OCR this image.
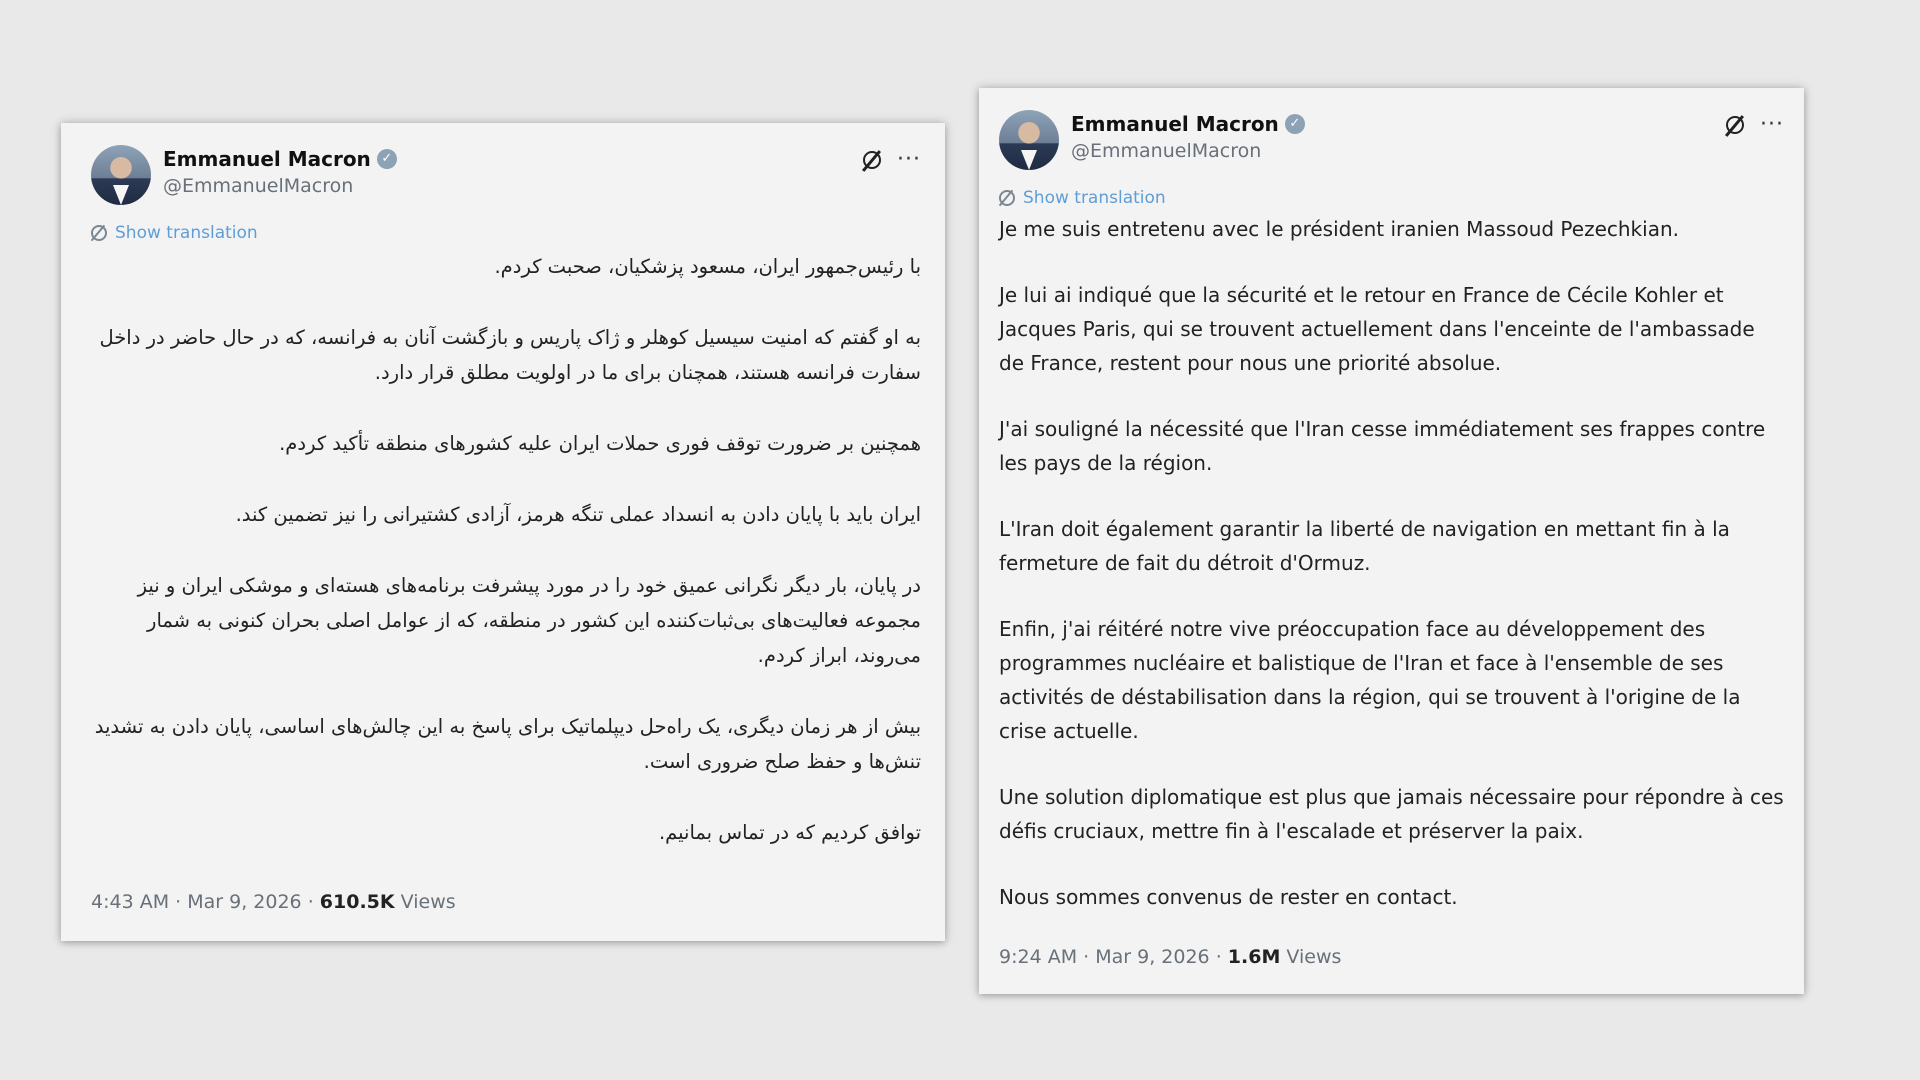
Emmanuel Macron ✓
@EmmanuelMacron
···
Show translation

با رئیس‌جمهور ایران، مسعود پزشکیان، صحبت کردم.

به او گفتم که امنیت سیسیل کوهلر و ژاک پاریس و بازگشت آنان به فرانسه، که در حال حاضر در داخل سفارت فرانسه هستند، همچنان برای ما در اولویت مطلق قرار دارد.

همچنین بر ضرورت توقف فوری حملات ایران علیه کشورهای منطقه تأکید کردم.

ایران باید با پایان دادن به انسداد عملی تنگه هرمز، آزادی کشتیرانی را نیز تضمین کند.

در پایان، بار دیگر نگرانی عمیق خود را در مورد پیشرفت برنامه‌های هسته‌ای و موشکی ایران و نیز مجموعه فعالیت‌های بی‌ثبات‌کننده این کشور در منطقه، که از عوامل اصلی بحران کنونی به شمار می‌روند، ابراز کردم.

بیش از هر زمان دیگری، یک راه‌حل دیپلماتیک برای پاسخ به این چالش‌های اساسی، پایان دادن به تشدید تنش‌ها و حفظ صلح ضروری است.

توافق کردیم که در تماس بمانیم.

4:43 AM · Mar 9, 2026 · 610.5K Views
Emmanuel Macron ✓
@EmmanuelMacron
···
Show translation

Je me suis entretenu avec le président iranien Massoud Pezechkian.

Je lui ai indiqué que la sécurité et le retour en France de Cécile Kohler et Jacques Paris, qui se trouvent actuellement dans l'enceinte de l'ambassade de France, restent pour nous une priorité absolue.

J'ai souligné la nécessité que l'Iran cesse immédiatement ses frappes contre les pays de la région.

L'Iran doit également garantir la liberté de navigation en mettant fin à la fermeture de fait du détroit d'Ormuz.

Enfin, j'ai réitéré notre vive préoccupation face au développement des programmes nucléaire et balistique de l'Iran et face à l'ensemble de ses activités de déstabilisation dans la région, qui se trouvent à l'origine de la crise actuelle.

Une solution diplomatique est plus que jamais nécessaire pour répondre à ces défis cruciaux, mettre fin à l'escalade et préserver la paix.

Nous sommes convenus de rester en contact.

9:24 AM · Mar 9, 2026 · 1.6M Views
